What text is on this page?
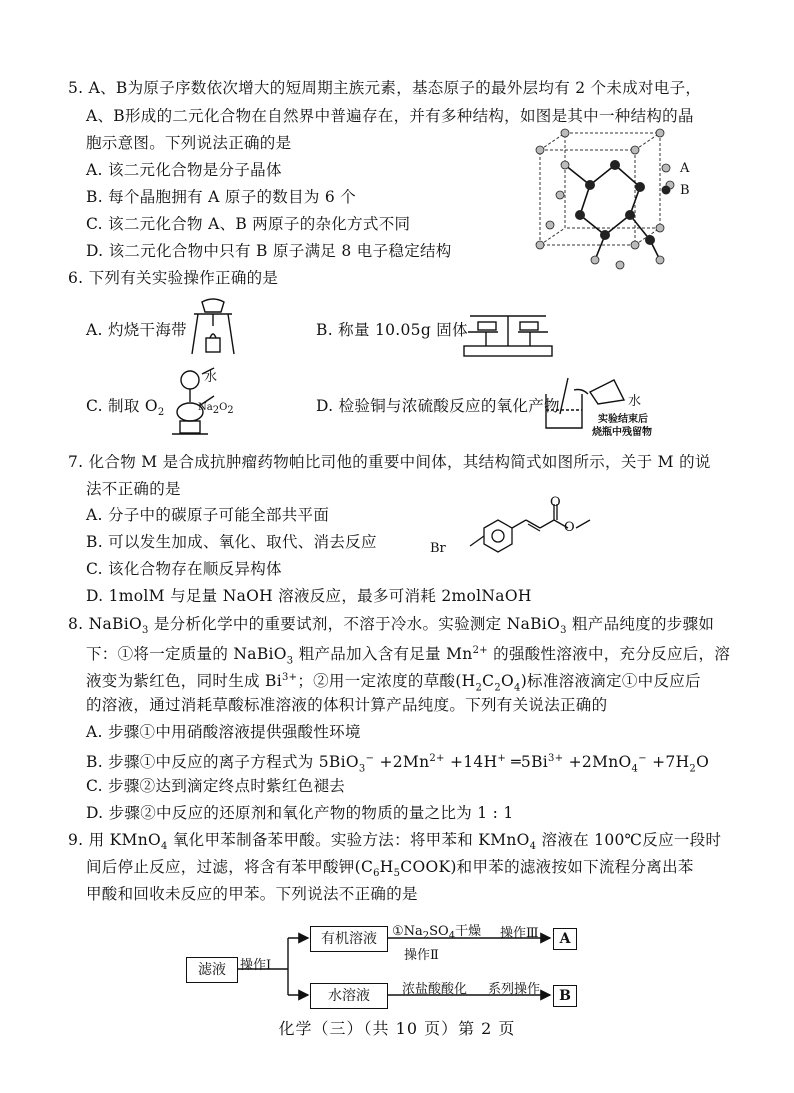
5. A、B为原子序数依次增大的短周期主族元素，基态原子的最外层均有 2 个未成对电子，
A、B形成的二元化合物在自然界中普遍存在，并有多种结构，如图是其中一种结构的晶
胞示意图。下列说法正确的是
A. 该二元化合物是分子晶体
B. 每个晶胞拥有 A 原子的数目为 6 个
C. 该二元化合物 A、B 两原子的杂化方式不同
D. 该二元化合物中只有 B 原子满足 8 电子稳定结构
A
B
6. 下列有关实验操作正确的是
A. 灼烧干海带	B. 称量 10.05g 固体
C. 制取 $O_2$
水
$Na_2O_2$	D. 检验铜与浓硫酸反应的氧化产物	水
实验结束后
烧瓶中残留物
7. 化合物 M 是合成抗肿瘤药物帕比司他的重要中间体，其结构简式如图所示，关于 M 的说
法不正确的是
A. 分子中的碳原子可能全部共平面
B. 可以发生加成、氧化、取代、消去反应
C. 该化合物存在顺反异构体
D. 1molM 与足量 NaOH 溶液反应，最多可消耗 2molNaOH
Br
O
O
8. NaBiO$_3$ 是分析化学中的重要试剂，不溶于冷水。实验测定 NaBiO$_3$ 粗产品纯度的步骤如
下：①将一定质量的 NaBiO$_3$ 粗产品加入含有足量 $Mn^{2+}$ 的强酸性溶液中，充分反应后，溶
液变为紫红色，同时生成 $Bi^{3+}$；②用一定浓度的草酸$(H_2C_2O_4)$标准溶液滴定①中反应后
的溶液，通过消耗草酸标准溶液的体积计算产品纯度。下列有关说法正确的
A. 步骤①中用硝酸溶液提供强酸性环境
B. 步骤①中反应的离子方程式为 $5BiO_3^- +2Mn^{2+} +14H^+$ $═5Bi^{3+} +2MnO_4^- +7H_2O$
C. 步骤②达到滴定终点时紫红色褪去
D. 步骤②中反应的还原剂和氧化产物的物质的量之比为 1 : 1
9. 用 KMnO$_4$ 氧化甲苯制备苯甲酸。实验方法：将甲苯和 KMnO$_4$ 溶液在 100℃反应一段时
间后停止反应，过滤，将含有苯甲酸钾$(C_6H_5COOK)$和甲苯的滤液按如下流程分离出苯
甲酸和回收未反应的甲苯。下列说法不正确的是
滤液	操作Ⅰ
有机溶液	$①Na_2SO_4$干燥
操作Ⅱ
操作Ⅲ	A
水溶液	浓盐酸酸化 系列操作	B
化学（三）（共 10 页）第 2 页
